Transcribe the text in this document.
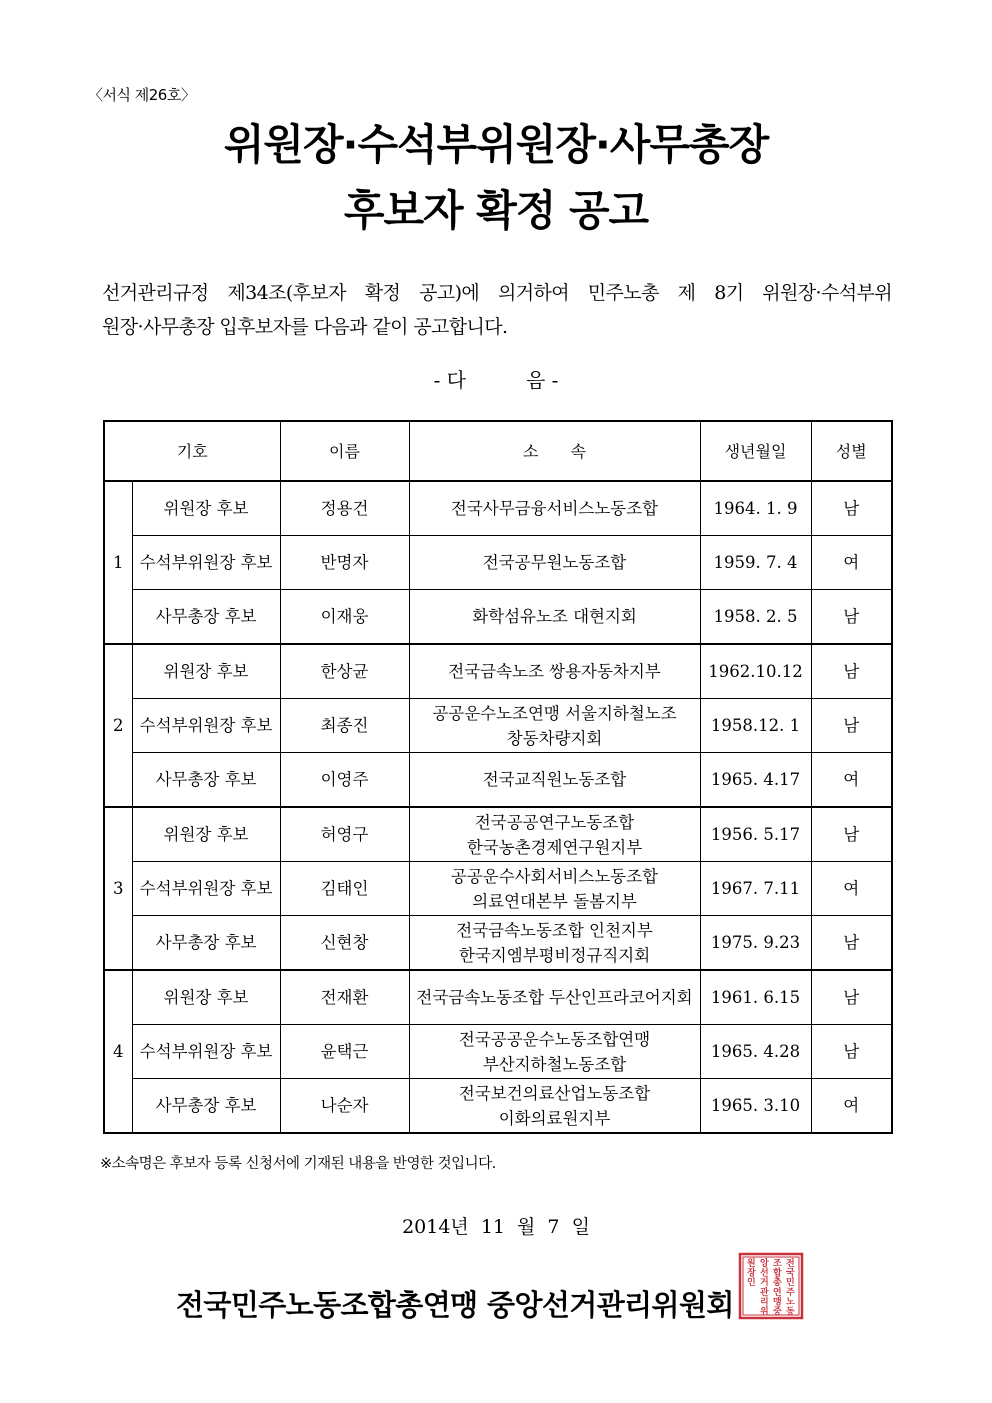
〈서식 제26호〉
위원장·수석부위원장·사무총장
후보자 확정 공고
선거관리규정 제34조(후보자 확정 공고)에 의거하여 민주노총 제 8기 위원장·수석부위
원장·사무총장 입후보자를 다음과 같이 공고합니다.
- 다　　　음 -
기호		이름	소　　속	생년월일	성별
1	위원장 후보	정용건	전국사무금융서비스노동조합	1964. 1. 9	남
	수석부위원장 후보	반명자	전국공무원노동조합	1959. 7. 4	여
	사무총장 후보	이재웅	화학섬유노조 대현지회	1958. 2. 5	남
2	위원장 후보	한상균	전국금속노조 쌍용자동차지부	1962.10.12	남
	수석부위원장 후보	최종진	공공운수노조연맹 서울지하철노조
창동차량지회	1958.12. 1	남
	사무총장 후보	이영주	전국교직원노동조합	1965. 4.17	여
3	위원장 후보	허영구	전국공공연구노동조합
한국농촌경제연구원지부	1956. 5.17	남
	수석부위원장 후보	김태인	공공운수사회서비스노동조합
의료연대본부 돌봄지부	1967. 7.11	여
	사무총장 후보	신현창	전국금속노동조합 인천지부
한국지엠부평비정규직지회	1975. 9.23	남
4	위원장 후보	전재환	전국금속노동조합 두산인프라코어지회	1961. 6.15	남
	수석부위원장 후보	윤택근	전국공공운수노동조합연맹
부산지하철노동조합	1965. 4.28	남
	사무총장 후보	나순자	전국보건의료산업노동조합
이화의료원지부	1965. 3.10	여
※소속명은 후보자 등록 신청서에 기재된 내용을 반영한 것입니다.
2014년 11 월 7 일
전국민주노동조합총연맹 중앙선거관리위원회
전
국
민
주
노
동
조
합
총
연
맹
중
앙
선
거
관
리
위
원
장
인
